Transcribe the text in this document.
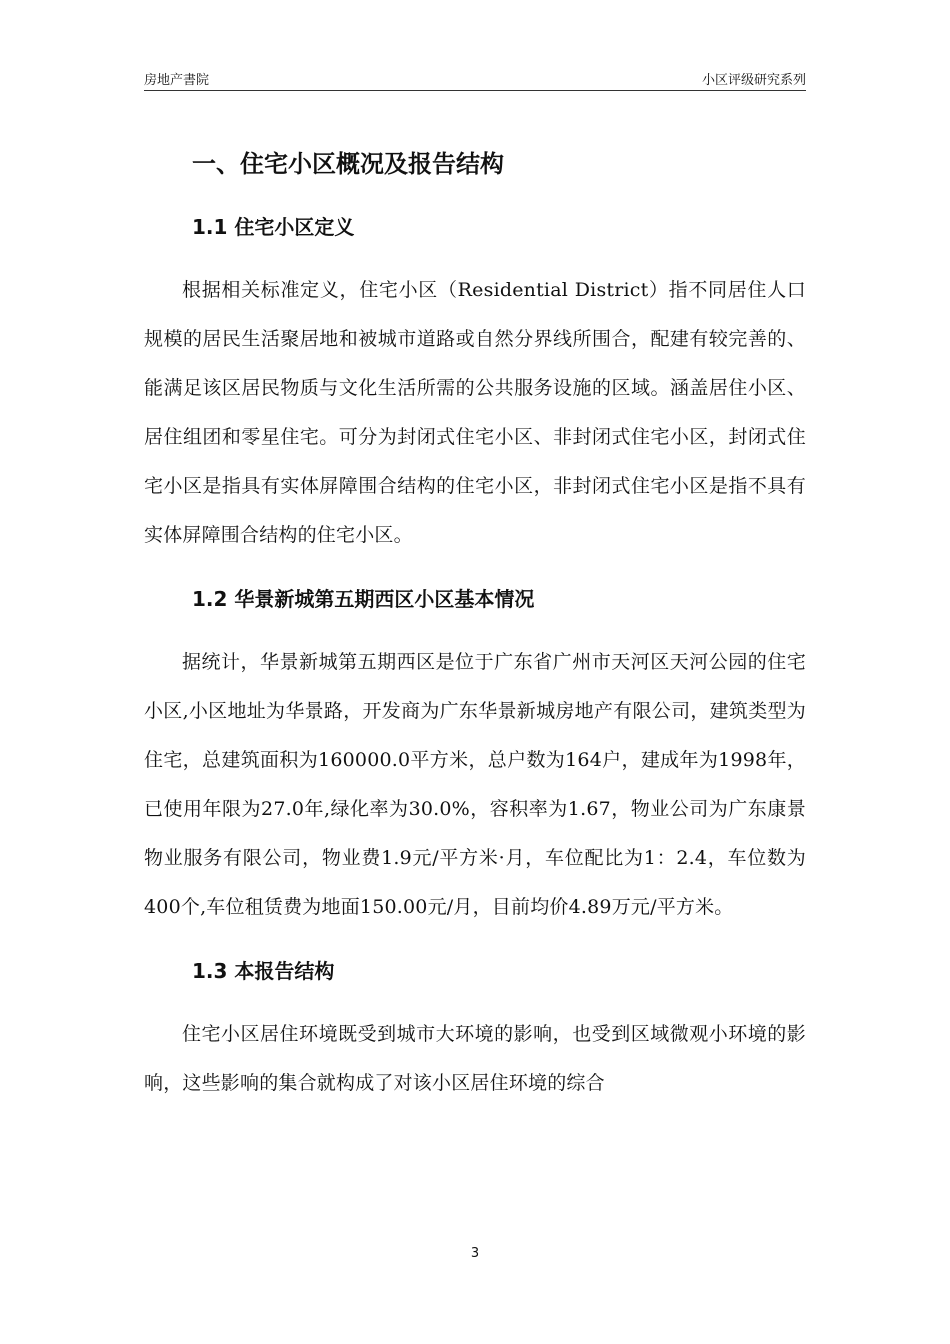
房地产書院	小区评级研究系列
一、住宅小区概况及报告结构
1.1 住宅小区定义

根据相关标准定义，住宅小区（Residential District）指不同居住人口规模的居民生活聚居地和被城市道路或自然分界线所围合，配建有较完善的、能满足该区居民物质与文化生活所需的公共服务设施的区域。涵盖居住小区、居住组团和零星住宅。可分为封闭式住宅小区、非封闭式住宅小区，封闭式住宅小区是指具有实体屏障围合结构的住宅小区，非封闭式住宅小区是指不具有实体屏障围合结构的住宅小区。

1.2 华景新城第五期西区小区基本情况

据统计，华景新城第五期西区是位于广东省广州市天河区天河公园的住宅小区,小区地址为华景路，开发商为广东华景新城房地产有限公司，建筑类型为住宅，总建筑面积为160000.0平方米，总户数为164户，建成年为1998年，已使用年限为27.0年,绿化率为30.0%，容积率为1.67，物业公司为广东康景物业服务有限公司，物业费1.9元/平方米·月，车位配比为1：2.4，车位数为400个,车位租赁费为地面150.00元/月，目前均价4.89万元/平方米。

1.3 本报告结构

住宅小区居住环境既受到城市大环境的影响，也受到区域微观小环境的影响，这些影响的集合就构成了对该小区居住环境的综合

3
